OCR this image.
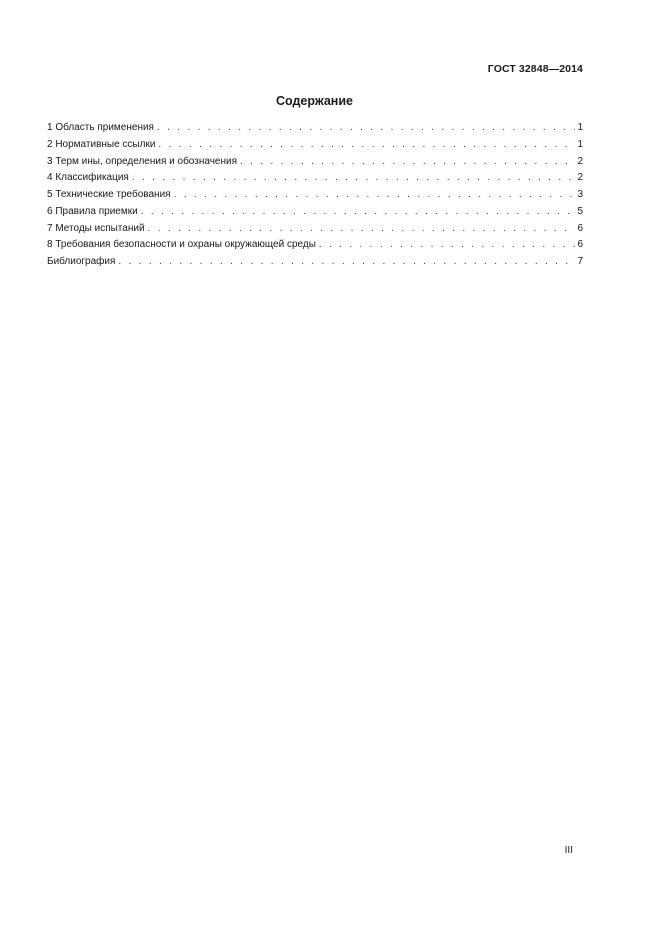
ГОСТ 32848—2014
Содержание
1 Область применения . . .	1
2 Нормативные ссылки . . .	1
3 Терм ины, определения и обозначения . . .	2
4 Классификация . . .	2
5 Технические требования . . .	3
6 Правила приемки . . .	5
7 Методы испытаний . . .	6
8 Требования безопасности и охраны окружающей среды . . .	6
Библиография . . .	7
III
